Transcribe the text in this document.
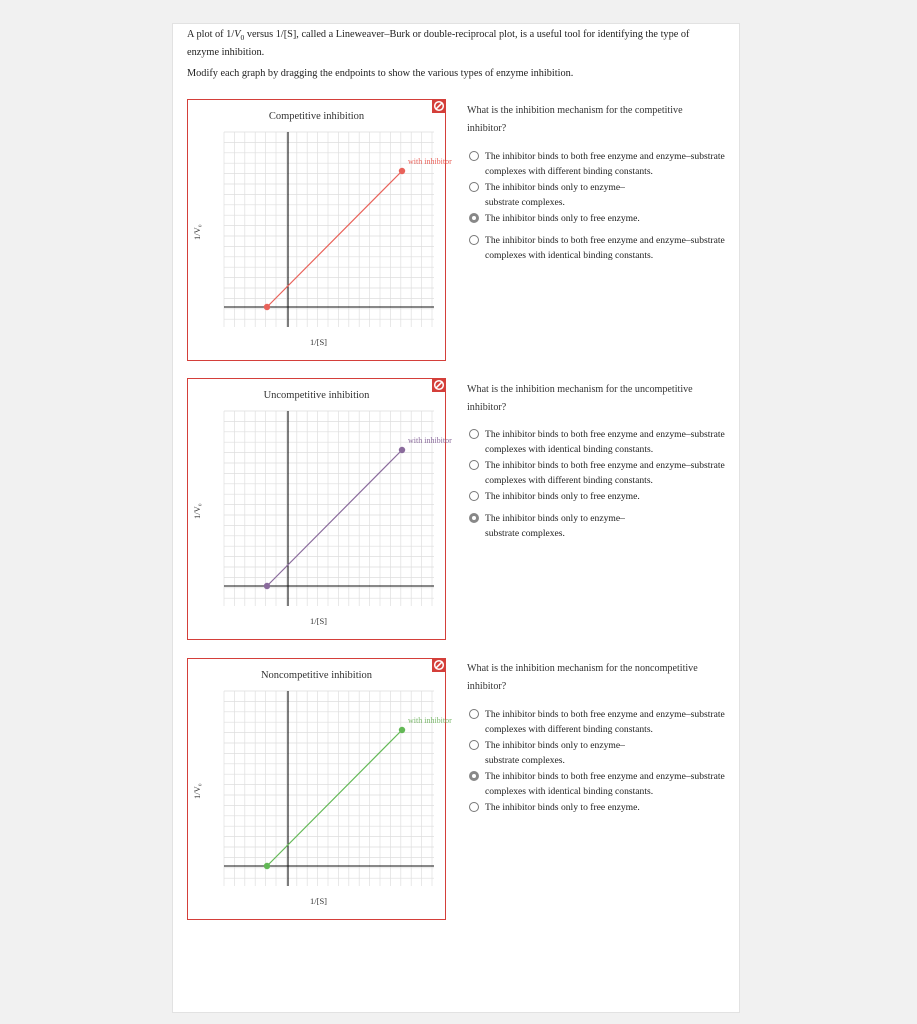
A plot of $1/V_0$ versus 1/[S], called a Lineweaver–Burk or double-reciprocal plot, is a useful tool for identifying the type of enzyme inhibition.

Modify each graph by dragging the endpoints to show the various types of enzyme inhibition.

Competitive inhibition
with inhibitor
1/V₀
1/[S]
Uncompetitive inhibition
with inhibitor
1/V₀
1/[S]
Noncompetitive inhibition
with inhibitor
1/V₀
1/[S]
What is the inhibition mechanism for the competitive inhibitor?
The inhibitor binds to both free enzyme and enzyme–substrate complexes with different binding constants.
The inhibitor binds only to enzyme–substrate complexes.
The inhibitor binds only to free enzyme.
The inhibitor binds to both free enzyme and enzyme–substrate complexes with identical binding constants.
What is the inhibition mechanism for the uncompetitive inhibitor?
The inhibitor binds to both free enzyme and enzyme–substrate complexes with identical binding constants.
The inhibitor binds to both free enzyme and enzyme–substrate complexes with different binding constants.
The inhibitor binds only to free enzyme.
The inhibitor binds only to enzyme–substrate complexes.
What is the inhibition mechanism for the noncompetitive inhibitor?
The inhibitor binds to both free enzyme and enzyme–substrate complexes with different binding constants.
The inhibitor binds only to enzyme–substrate complexes.
The inhibitor binds to both free enzyme and enzyme–substrate complexes with identical binding constants.
The inhibitor binds only to free enzyme.
